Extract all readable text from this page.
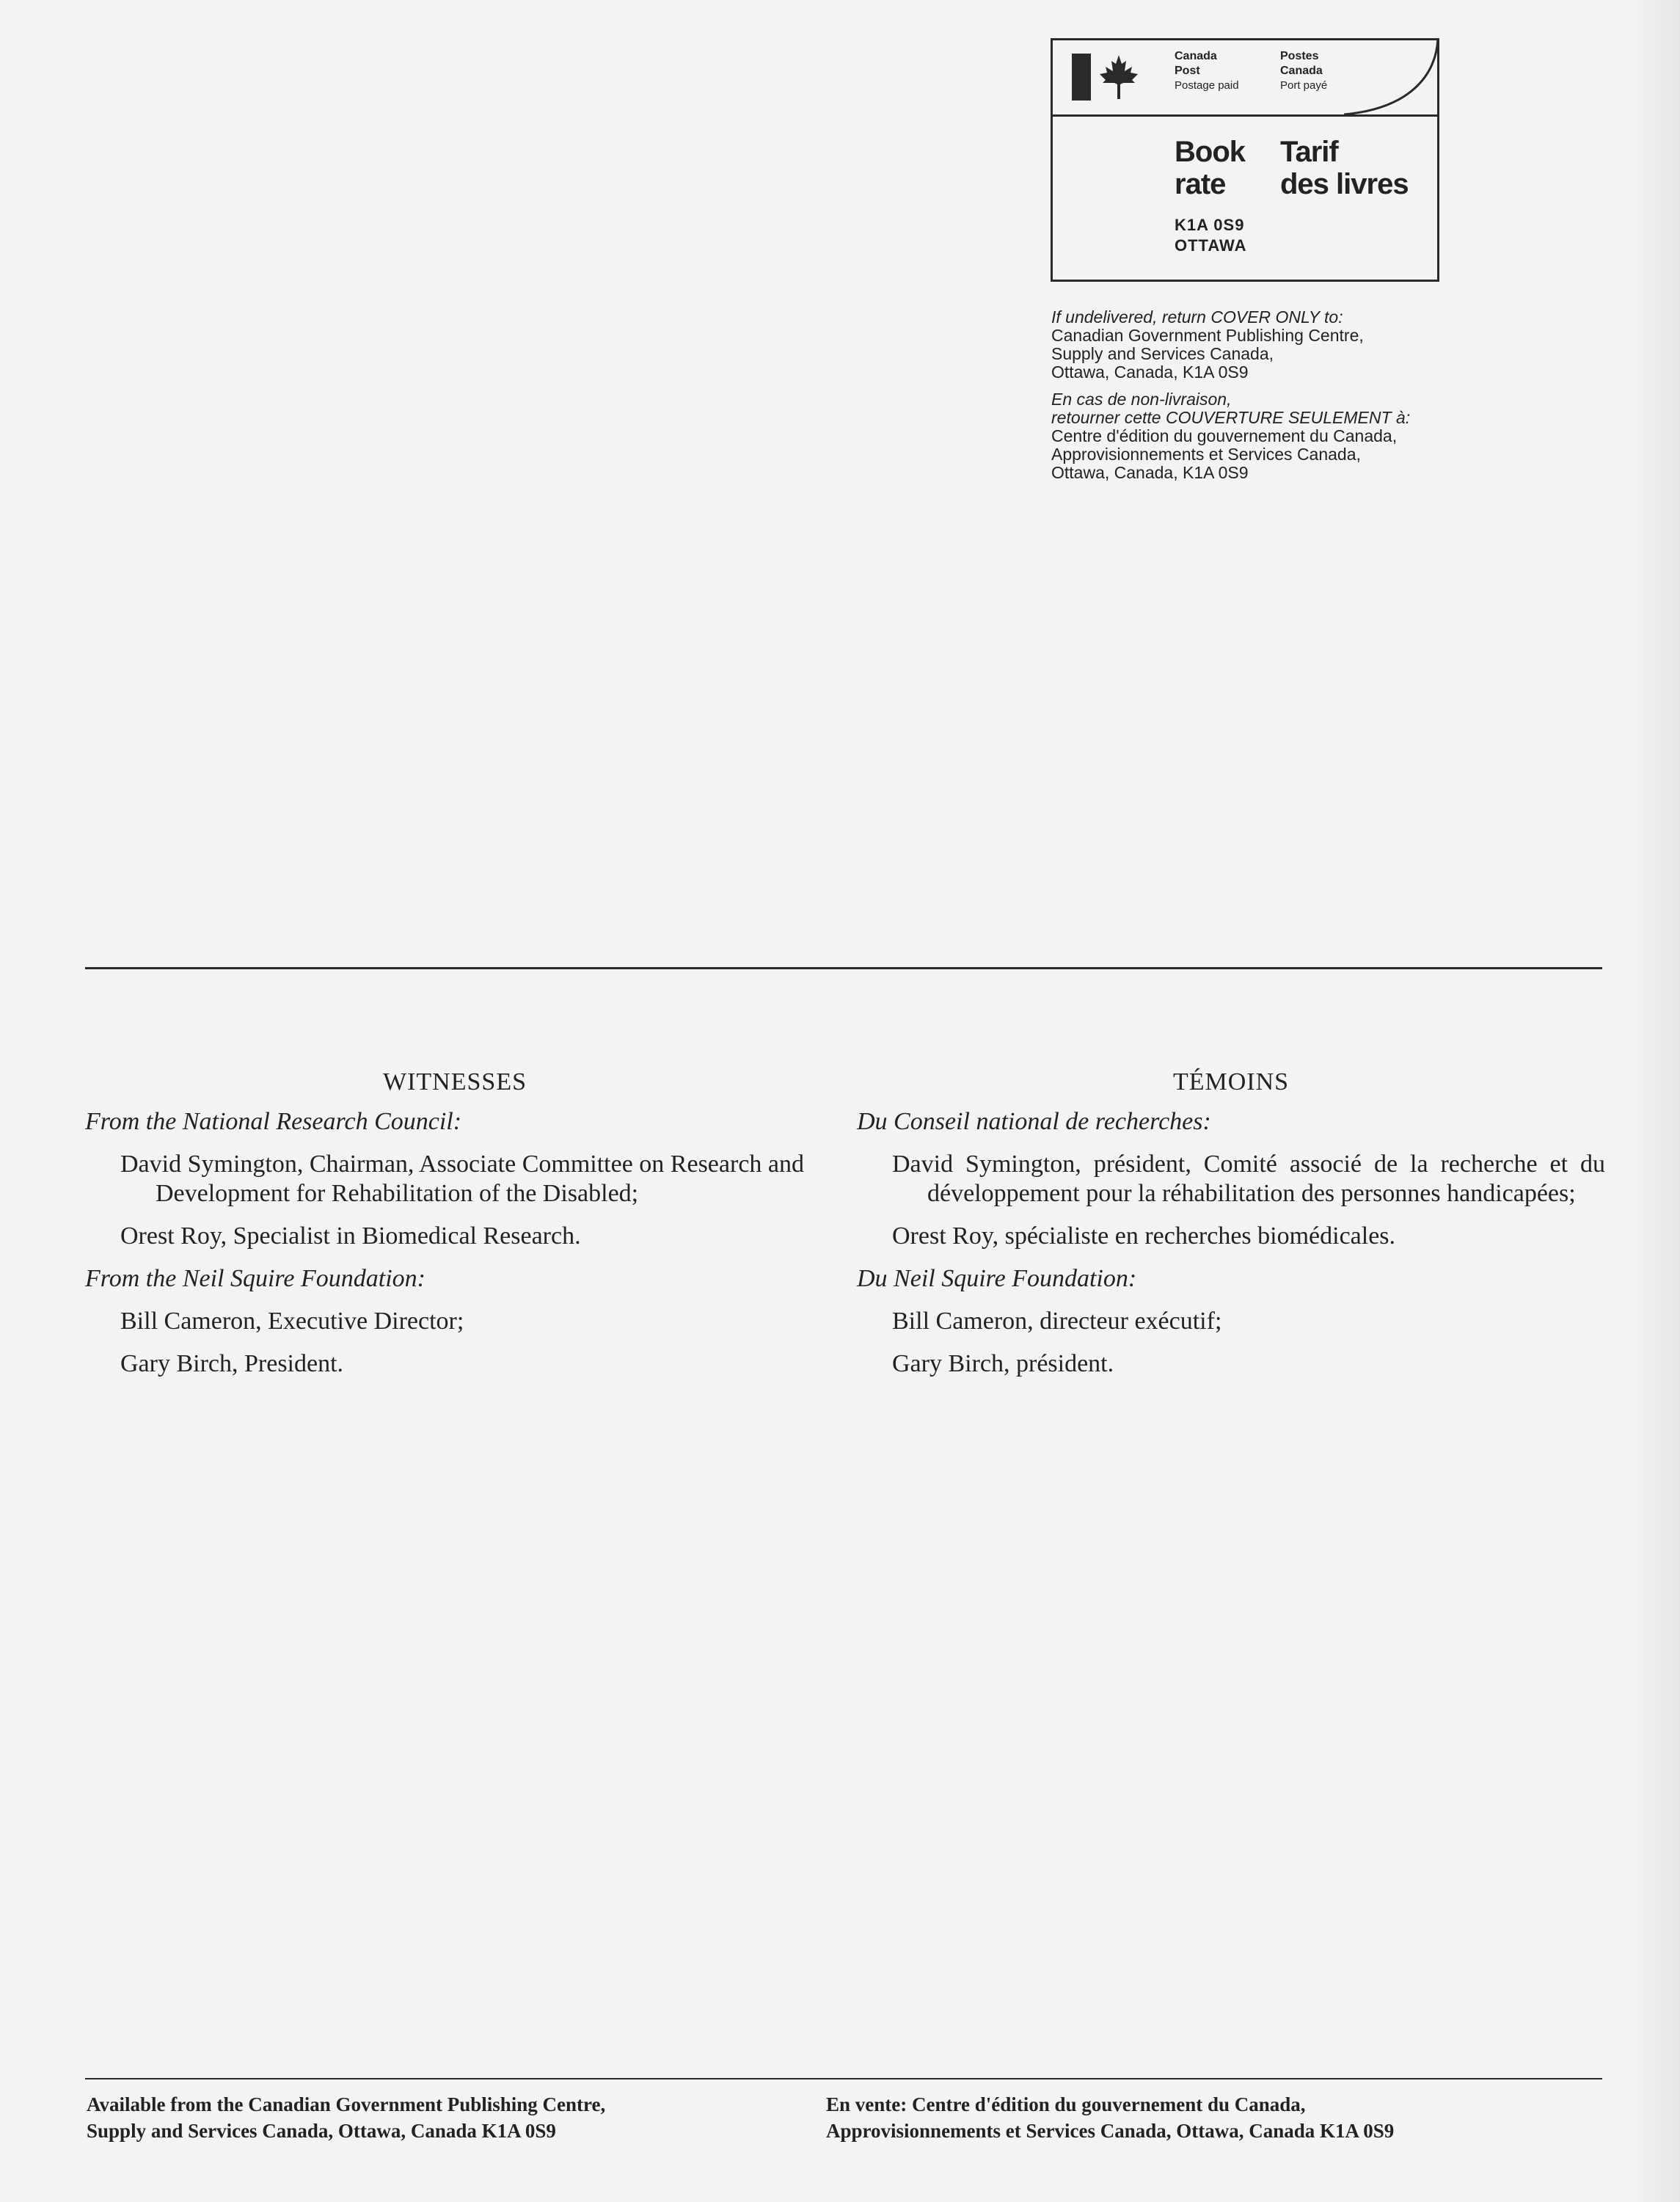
Canada
Post
Postage paid
Postes
Canada
Port payé
Book
rate
Tarif
des livres
K1A 0S9
OTTAWA

If undelivered, return COVER ONLY to:
Canadian Government Publishing Centre,
Supply and Services Canada,
Ottawa, Canada, K1A 0S9

En cas de non-livraison,
retourner cette COUVERTURE SEULEMENT à:
Centre d'édition du gouvernement du Canada,
Approvisionnements et Services Canada,
Ottawa, Canada, K1A 0S9

WITNESSES
From the National Research Council:
David Symington, Chairman, Associate Committee on Research and Development for Rehabilitation of the Disabled;
Orest Roy, Specialist in Biomedical Research.
From the Neil Squire Foundation:
Bill Cameron, Executive Director;
Gary Birch, President.
TÉMOINS
Du Conseil national de recherches:
David Symington, président, Comité associé de la recherche et du développement pour la réhabilitation des personnes handicapées;
Orest Roy, spécialiste en recherches biomédicales.
Du Neil Squire Foundation:
Bill Cameron, directeur exécutif;
Gary Birch, président.
Available from the Canadian Government Publishing Centre,
Supply and Services Canada, Ottawa, Canada K1A 0S9
En vente: Centre d'édition du gouvernement du Canada,
Approvisionnements et Services Canada, Ottawa, Canada K1A 0S9
